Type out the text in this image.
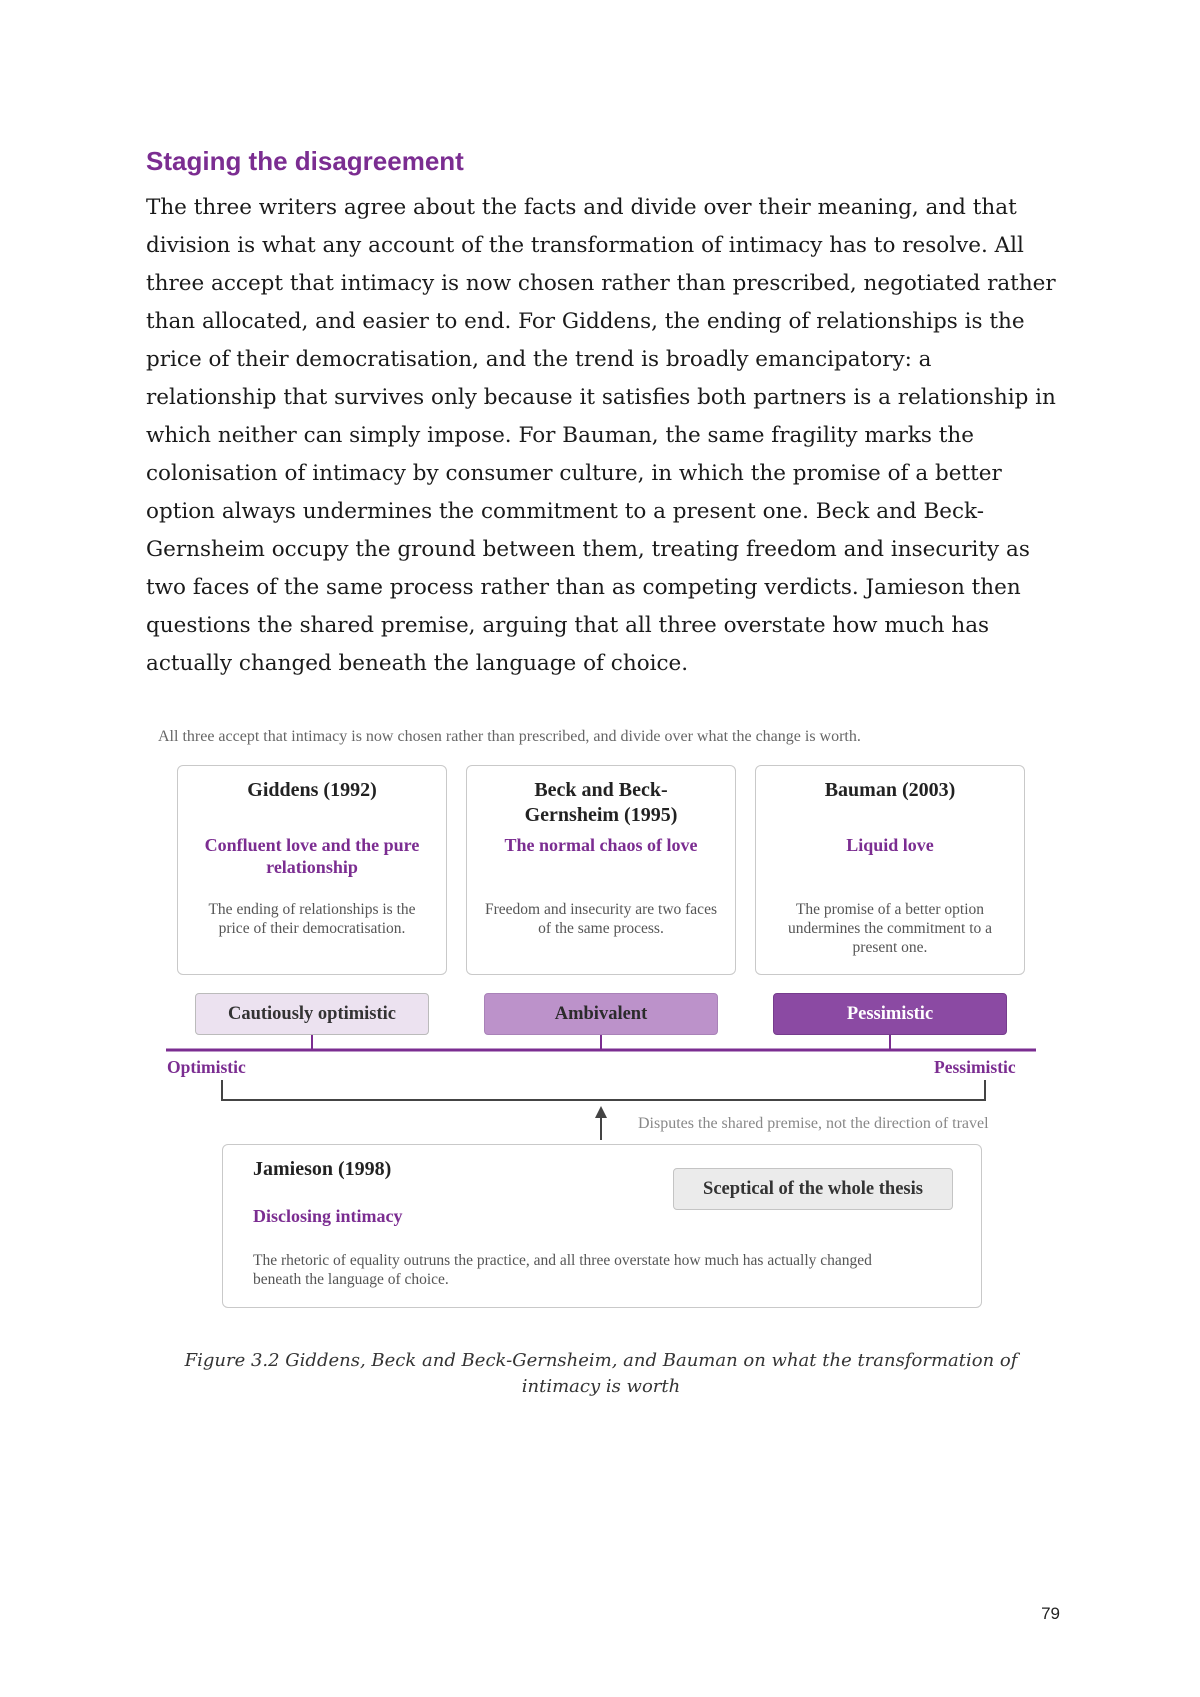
Staging the disagreement

The three writers agree about the facts and divide over their meaning, and that division is what any account of the transformation of intimacy has to resolve. All three accept that intimacy is now chosen rather than prescribed, negotiated rather than allocated, and easier to end. For Giddens, the ending of relationships is the price of their democratisation, and the trend is broadly emancipatory: a relationship that survives only because it satisfies both partners is a relationship in which neither can simply impose. For Bauman, the same fragility marks the colonisation of intimacy by consumer culture, in which the promise of a better option always undermines the commitment to a present one. Beck and Beck-Gernsheim occupy the ground between them, treating freedom and insecurity as two faces of the same process rather than as competing verdicts. Jamieson then questions the shared premise, arguing that all three overstate how much has actually changed beneath the language of choice.

All three accept that intimacy is now chosen rather than prescribed, and divide over what the change is worth.

Giddens (1992)
Confluent love and the pure relationship
The ending of relationships is the price of their democratisation.
Beck and Beck-Gernsheim (1995)
The normal chaos of love
Freedom and insecurity are two faces of the same process.
Bauman (2003)
Liquid love
The promise of a better option undermines the commitment to a present one.
Cautiously optimistic	Ambivalent	Pessimistic
Optimistic	Pessimistic
Disputes the shared premise, not the direction of travel
Jamieson (1998)
Disclosing intimacy
Sceptical of the whole thesis
The rhetoric of equality outruns the practice, and all three overstate how much has actually changed beneath the language of choice.

Figure 3.2 Giddens, Beck and Beck-Gernsheim, and Bauman on what the transformation of intimacy is worth

79
